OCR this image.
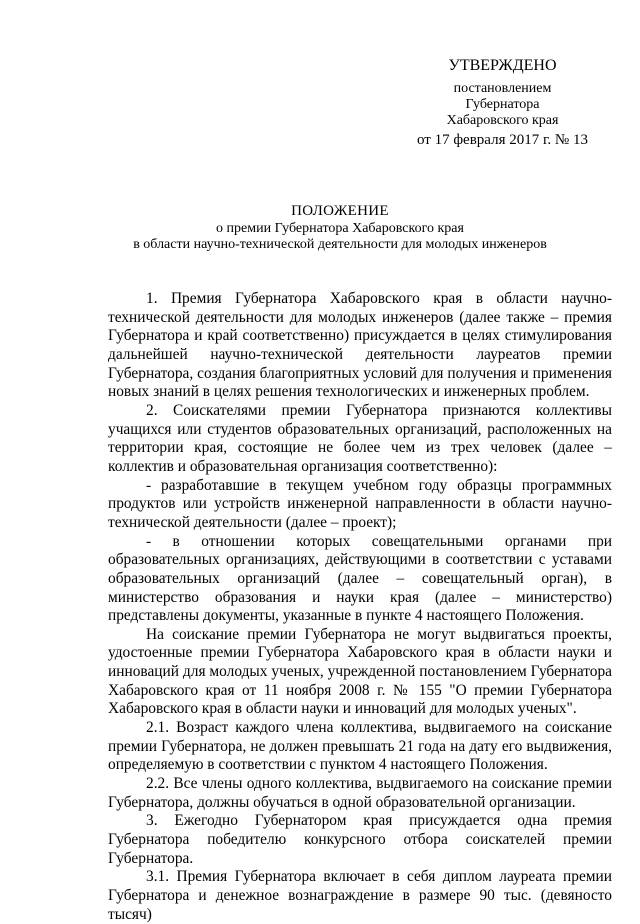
УТВЕРЖДЕНО
постановлением
Губернатора
Хабаровского края
от 17 февраля 2017 г. № 13
ПОЛОЖЕНИЕ
о премии Губернатора Хабаровского края
в области научно-технической деятельности для молодых инженеров

1. Премия Губернатора Хабаровского края в области научно-технической деятельности для молодых инженеров (далее также – премия Губернатора и край соответственно) присуждается в целях стимулирования дальнейшей научно-технической деятельности лауреатов премии Губернатора, создания благоприятных условий для получения и применения новых знаний в целях решения технологических и инженерных проблем.

2. Соискателями премии Губернатора признаются коллективы учащихся или студентов образовательных организаций, расположенных на территории края, состоящие не более чем из трех человек (далее – коллектив и образовательная организация соответственно):

- разработавшие в текущем учебном году образцы программных продуктов или устройств инженерной направленности в области научно-технической деятельности (далее – проект);

- в отношении которых совещательными органами при образовательных организациях, действующими в соответствии с уставами образовательных организаций (далее – совещательный орган), в министерство образования и науки края (далее – министерство) представлены документы, указанные в пункте 4 настоящего Положения.

На соискание премии Губернатора не могут выдвигаться проекты, удостоенные премии Губернатора Хабаровского края в области науки и инноваций для молодых ученых, учрежденной постановлением Губернатора Хабаровского края от 11 ноября 2008 г. № 155 "О премии Губернатора Хабаровского края в области науки и инноваций для молодых ученых".

2.1. Возраст каждого члена коллектива, выдвигаемого на соискание премии Губернатора, не должен превышать 21 года на дату его выдвижения, определяемую в соответствии с пунктом 4 настоящего Положения.

2.2. Все члены одного коллектива, выдвигаемого на соискание премии Губернатора, должны обучаться в одной образовательной организации.

3. Ежегодно Губернатором края присуждается одна премия Губернатора победителю конкурсного отбора соискателей премии Губернатора.

3.1. Премия Губернатора включает в себя диплом лауреата премии Губернатора и денежное вознаграждение в размере 90 тыс. (девяносто тысяч)
